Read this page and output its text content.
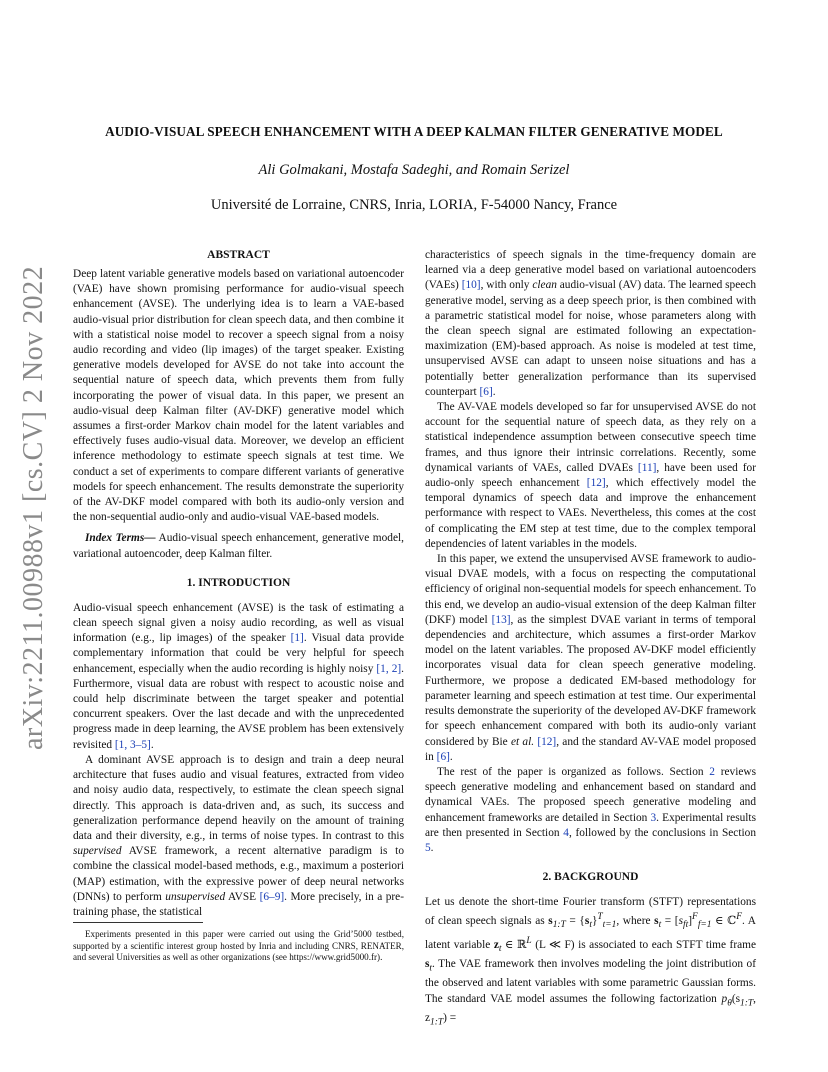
arXiv:2211.00988v1 [cs.CV] 2 Nov 2022
AUDIO-VISUAL SPEECH ENHANCEMENT WITH A DEEP KALMAN FILTER GENERATIVE MODEL
Ali Golmakani, Mostafa Sadeghi, and Romain Serizel
Université de Lorraine, CNRS, Inria, LORIA, F-54000 Nancy, France
ABSTRACT

Deep latent variable generative models based on variational autoencoder (VAE) have shown promising performance for audio-visual speech enhancement (AVSE). The underlying idea is to learn a VAE-based audio-visual prior distribution for clean speech data, and then combine it with a statistical noise model to recover a speech signal from a noisy audio recording and video (lip images) of the target speaker. Existing generative models developed for AVSE do not take into account the sequential nature of speech data, which prevents them from fully incorporating the power of visual data. In this paper, we present an audio-visual deep Kalman filter (AV-DKF) generative model which assumes a first-order Markov chain model for the latent variables and effectively fuses audio-visual data. Moreover, we develop an efficient inference methodology to estimate speech signals at test time. We conduct a set of experiments to compare different variants of generative models for speech enhancement. The results demonstrate the superiority of the AV-DKF model compared with both its audio-only version and the non-sequential audio-only and audio-visual VAE-based models.

Index Terms— Audio-visual speech enhancement, generative model, variational autoencoder, deep Kalman filter.

1. INTRODUCTION

Audio-visual speech enhancement (AVSE) is the task of estimating a clean speech signal given a noisy audio recording, as well as visual information (e.g., lip images) of the speaker [1]. Visual data provide complementary information that could be very helpful for speech enhancement, especially when the audio recording is highly noisy [1, 2]. Furthermore, visual data are robust with respect to acoustic noise and could help discriminate between the target speaker and potential concurrent speakers. Over the last decade and with the unprecedented progress made in deep learning, the AVSE problem has been extensively revisited [1, 3–5].

A dominant AVSE approach is to design and train a deep neural architecture that fuses audio and visual features, extracted from video and noisy audio data, respectively, to estimate the clean speech signal directly. This approach is data-driven and, as such, its success and generalization performance depend heavily on the amount of training data and their diversity, e.g., in terms of noise types. In contrast to this supervised AVSE framework, a recent alternative paradigm is to combine the classical model-based methods, e.g., maximum a posteriori (MAP) estimation, with the expressive power of deep neural networks (DNNs) to perform unsupervised AVSE [6–9]. More precisely, in a pre-training phase, the statistical

Experiments presented in this paper were carried out using the Grid’5000 testbed, supported by a scientific interest group hosted by Inria and including CNRS, RENATER, and several Universities as well as other organizations (see https://www.grid5000.fr).

characteristics of speech signals in the time-frequency domain are learned via a deep generative model based on variational autoencoders (VAEs) [10], with only clean audio-visual (AV) data. The learned speech generative model, serving as a deep speech prior, is then combined with a parametric statistical model for noise, whose parameters along with the clean speech signal are estimated following an expectation-maximization (EM)-based approach. As noise is modeled at test time, unsupervised AVSE can adapt to unseen noise situations and has a potentially better generalization performance than its supervised counterpart [6].

The AV-VAE models developed so far for unsupervised AVSE do not account for the sequential nature of speech data, as they rely on a statistical independence assumption between consecutive speech time frames, and thus ignore their intrinsic correlations. Recently, some dynamical variants of VAEs, called DVAEs [11], have been used for audio-only speech enhancement [12], which effectively model the temporal dynamics of speech data and improve the enhancement performance with respect to VAEs. Nevertheless, this comes at the cost of complicating the EM step at test time, due to the complex temporal dependencies of latent variables in the models.

In this paper, we extend the unsupervised AVSE framework to audio-visual DVAE models, with a focus on respecting the computational efficiency of original non-sequential models for speech enhancement. To this end, we develop an audio-visual extension of the deep Kalman filter (DKF) model [13], as the simplest DVAE variant in terms of temporal dependencies and architecture, which assumes a first-order Markov model on the latent variables. The proposed AV-DKF model efficiently incorporates visual data for clean speech generative modeling. Furthermore, we propose a dedicated EM-based methodology for parameter learning and speech estimation at test time. Our experimental results demonstrate the superiority of the developed AV-DKF framework for speech enhancement compared with both its audio-only variant considered by Bie et al. [12], and the standard AV-VAE model proposed in [6].

The rest of the paper is organized as follows. Section 2 reviews speech generative modeling and enhancement based on standard and dynamical VAEs. The proposed speech generative modeling and enhancement frameworks are detailed in Section 3. Experimental results are then presented in Section 4, followed by the conclusions in Section 5.

2. BACKGROUND

Let us denote the short-time Fourier transform (STFT) representations of clean speech signals as $s_{1:T} = \{s_t\}^T_{t=1}$, where $s_t = [s_{ft}]^F_{f=1}$ ∈ ℂ$^F$. A latent variable $z_t$ ∈ ℝ$^L$ (L ≪ F) is associated to each STFT time frame $s_t$. The VAE framework then involves modeling the joint distribution of the observed and latent variables with some parametric Gaussian forms. The standard VAE model assumes the following factorization $p_\theta(s_{1:T}$, $z_{1:T}$) =
